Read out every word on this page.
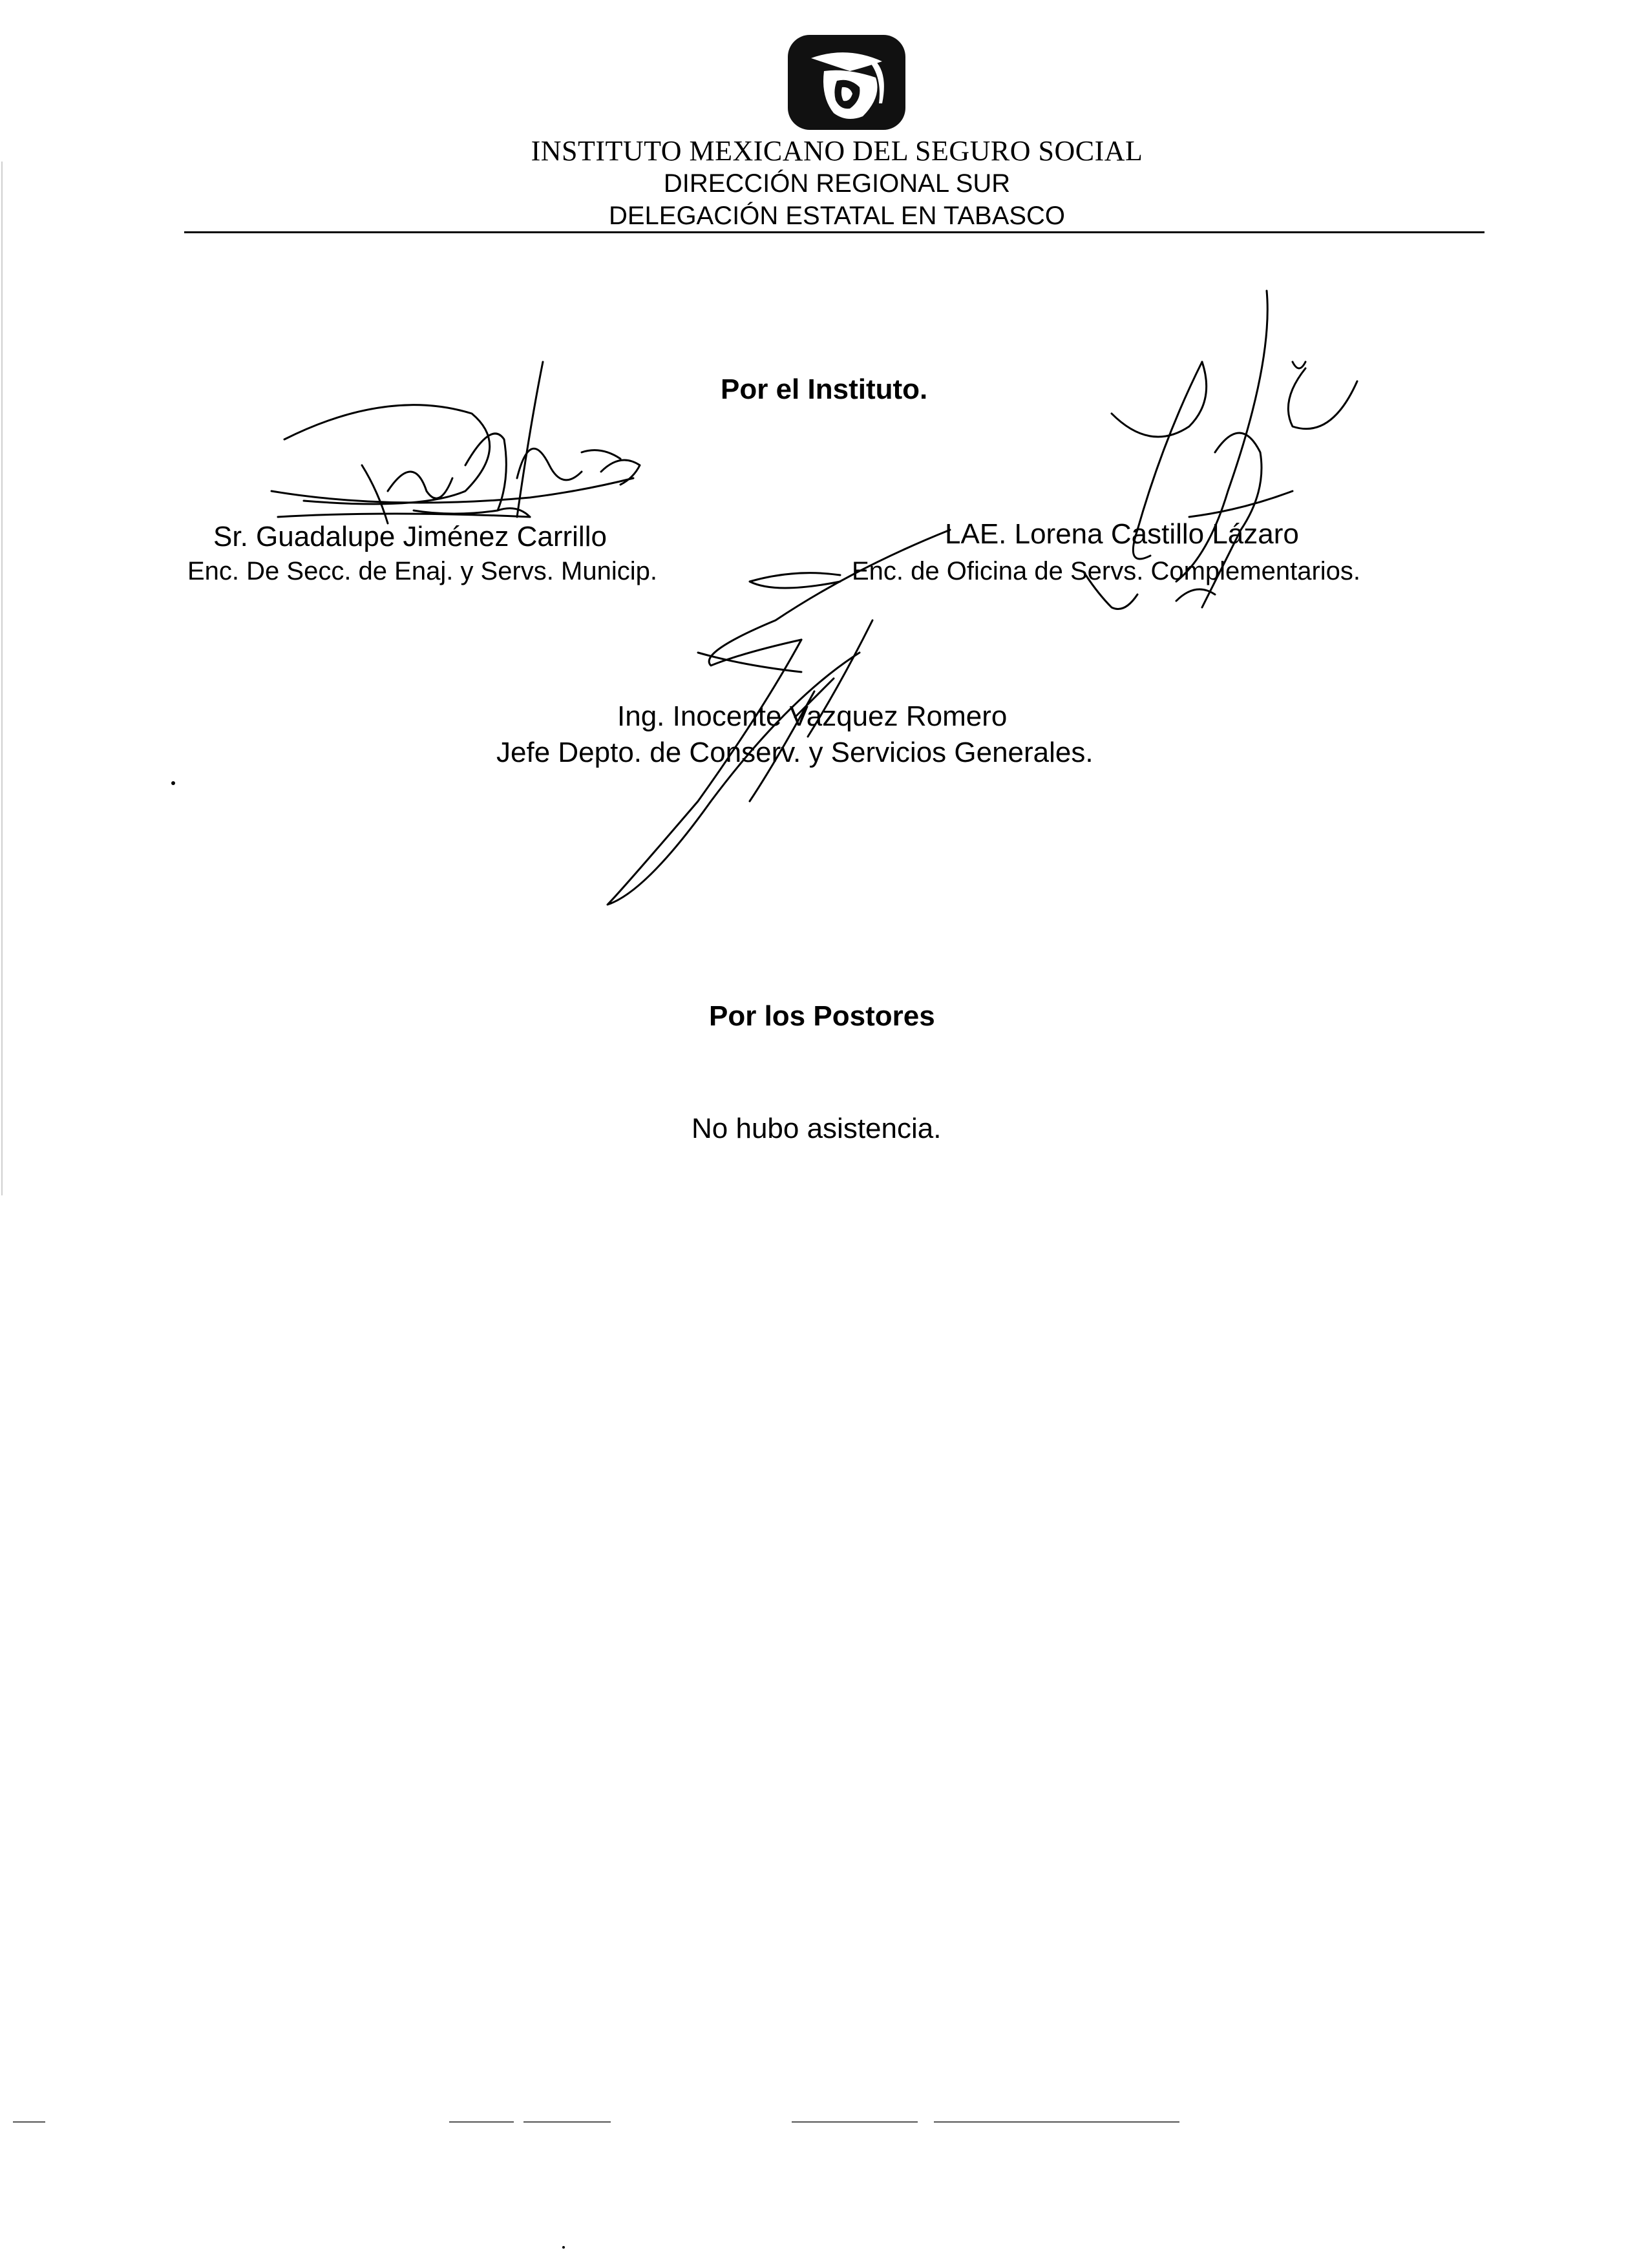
INSTITUTO MEXICANO DEL SEGURO SOCIAL
DIRECCIÓN REGIONAL SUR
DELEGACIÓN ESTATAL EN TABASCO
Por el Instituto.
Sr. Guadalupe Jiménez Carrillo
Enc. De Secc. de Enaj. y Servs. Municip.
LAE. Lorena Castillo Lázaro
Enc. de Oficina de Servs. Complementarios.
Ing. Inocente Vazquez Romero
Jefe Depto. de Conserv. y Servicios Generales.
Por los Postores
No hubo asistencia.
